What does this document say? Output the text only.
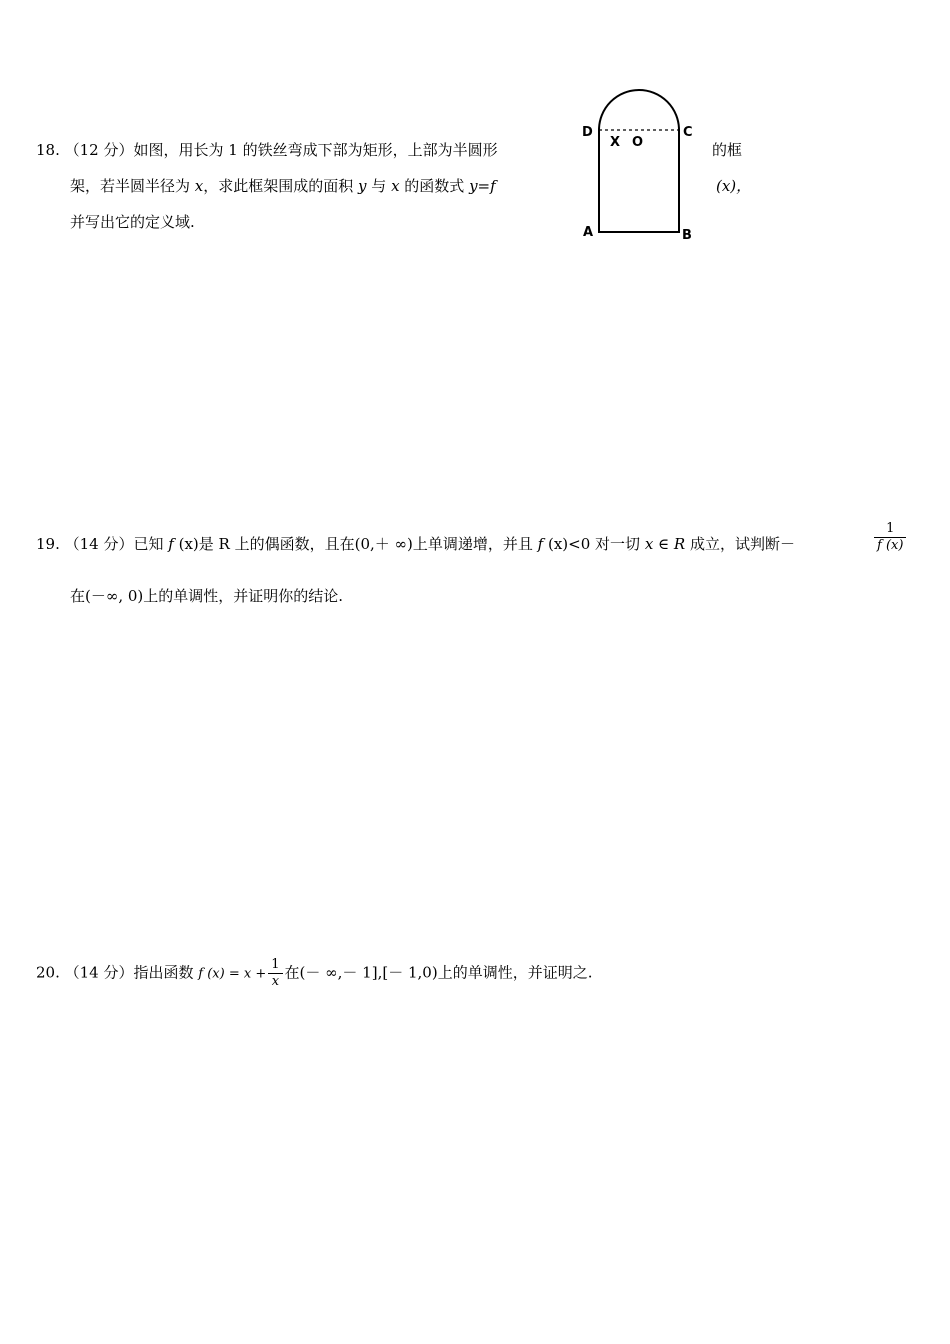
18. （12 分）如图，用长为 1 的铁丝弯成下部为矩形，上部为半圆形	的框
架，若半圆半径为 x，求此框架围成的面积 y 与 x 的函数式 y=f	(x)，
并写出它的定义域.
D	C
A	B
X O
19. （14 分）已知 f (x)是 R 上的偶函数，且在(0,＋ ∞)上单调递增，并且 f (x)<0 对一切 x ∈ R 成立，试判断－	$\frac{1}{f (x)}$
在(－∞, 0)上的单调性，并证明你的结论.
20. （14 分）指出函数 f $(x) = x + \frac{1}{x}$ 在(－ ∞,－ 1],[－ 1,0)上的单调性，并证明之.
